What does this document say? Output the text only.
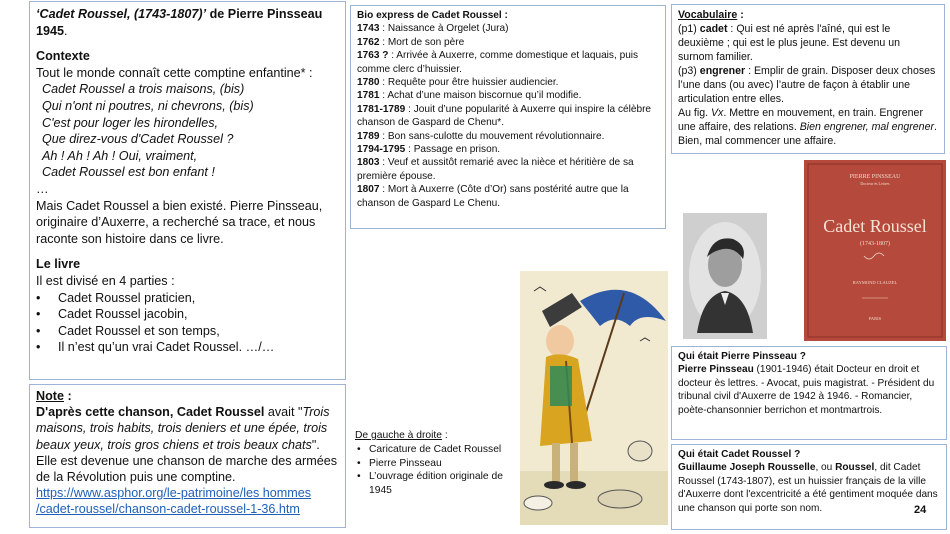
‘Cadet Roussel, (1743-1807)’ de Pierre Pinsseau
1945.
Contexte
Tout le monde connaît cette comptine enfantine* :
Cadet Roussel a trois maisons, (bis)
Qui n'ont ni poutres, ni chevrons, (bis)
C'est pour loger les hirondelles,
Que direz-vous d'Cadet Roussel ?
Ah ! Ah ! Ah ! Oui, vraiment,
Cadet Roussel est bon enfant !
…
Mais Cadet Roussel a bien existé. Pierre Pinsseau, originaire d’Auxerre, a recherché sa trace, et nous raconte son histoire dans ce livre.
Le livre
Il est divisé en 4 parties :
• Cadet Roussel praticien,
• Cadet Roussel jacobin,
• Cadet Roussel et son temps,
• Il n’est qu’un vrai Cadet Roussel. …/…
Note :
D'après cette chanson, Cadet Roussel avait "Trois maisons, trois habits, trois deniers et une épée, trois beaux yeux, trois gros chiens et trois beaux chats". Elle est devenue une chanson de marche des armées de la Révolution puis une comptine.
https://www.asphor.org/le-patrimoine/les hommes /cadet-roussel/chanson-cadet-roussel-1-36.htm
Bio express de Cadet Roussel :
1743 : Naissance à Orgelet (Jura)
1762 : Mort de son père
1763 ? : Arrivée à Auxerre, comme domestique et laquais, puis comme clerc d’huissier.
1780 : Requête pour être huissier audiencier.
1781 : Achat d’une maison biscornue qu’il modifie.
1781-1789 : Jouit d’une popularité à Auxerre qui inspire la célèbre chanson de Gaspard de Chenu*.
1789 : Bon sans-culotte du mouvement révolutionnaire.
1794-1795 : Passage en prison.
1803 : Veuf et aussitôt remarié avec la nièce et héritière de sa première épouse.
1807 : Mort à Auxerre (Côte d’Or) sans postérité autre que la chanson de Gaspard Le Chenu.
Vocabulaire :
(p1) cadet : Qui est né après l'aîné, qui est le deuxième ; qui est le plus jeune. Est devenu un surnom familier.
(p3) engrener : Emplir de grain. Disposer deux choses l’une dans (ou avec) l’autre de façon à établir une articulation entre elles.
Au fig. Vx. Mettre en mouvement, en train. Engrener une affaire, des relations. Bien engrener, mal engrener. Bien, mal commencer une affaire.
PIERRE PINSSEAU
Docteur ès Lettres
Cadet Roussel
(1743-1807)
RAYMOND CLAUZEL
PARIS
Qui était Pierre Pinsseau ?
Pierre Pinsseau (1901-1946) était Docteur en droit et docteur ès lettres. - Avocat, puis magistrat. - Président du tribunal civil d'Auxerre de 1942 à 1946. - Romancier, poète-chansonnier berrichon et montmartrois.
Qui était Cadet Roussel ?
Guillaume Joseph Rousselle, ou Roussel, dit Cadet Roussel (1743-1807), est un huissier français de la ville d'Auxerre dont l'excentricité a été gentiment moquée dans une chanson qui porte son nom.
De gauche à droite :
• Caricature de Cadet Roussel
• Pierre Pinsseau
• L’ouvrage édition originale de 1945
24
